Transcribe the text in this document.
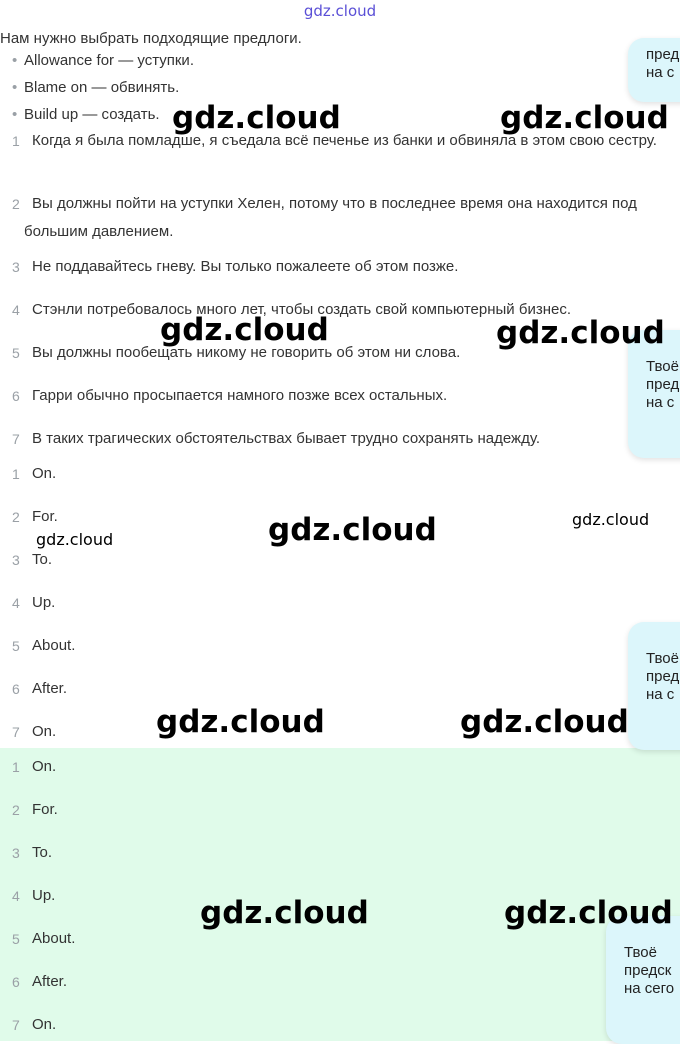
gdz.cloud
Нам нужно выбрать подходящие предлоги.
• Allowance for — уступки.
• Blame on — обвинять.
• Build up — создать.
1 Когда я была помладше, я съедала всё печенье из банки и обвиняла в этом свою сестру.
2 Вы должны пойти на уступки Хелен, потому что в последнее время она находится под большим давлением.
3 Не поддавайтесь гневу. Вы только пожалеете об этом позже.
4 Стэнли потребовалось много лет, чтобы создать свой компьютерный бизнес.
5 Вы должны пообещать никому не говорить об этом ни слова.
6 Гарри обычно просыпается намного позже всех остальных.
7 В таких трагических обстоятельствах бывает трудно сохранять надежду.
1 On.
2 For.
3 To.
4 Up.
5 About.
6 After.
7 On.
1 On.
2 For.
3 To.
4 Up.
5 About.
6 After.
7 On.
пред
на с
Твоё
пред
на с
Твоё
пред
на с
Твоё
предск
на сего
gdz.cloud	gdz.cloud
gdz.cloud	gdz.cloud
gdz.cloud	gdz.cloud
gdz.cloud
gdz.cloud	gdz.cloud
gdz.cloud	gdz.cloud
